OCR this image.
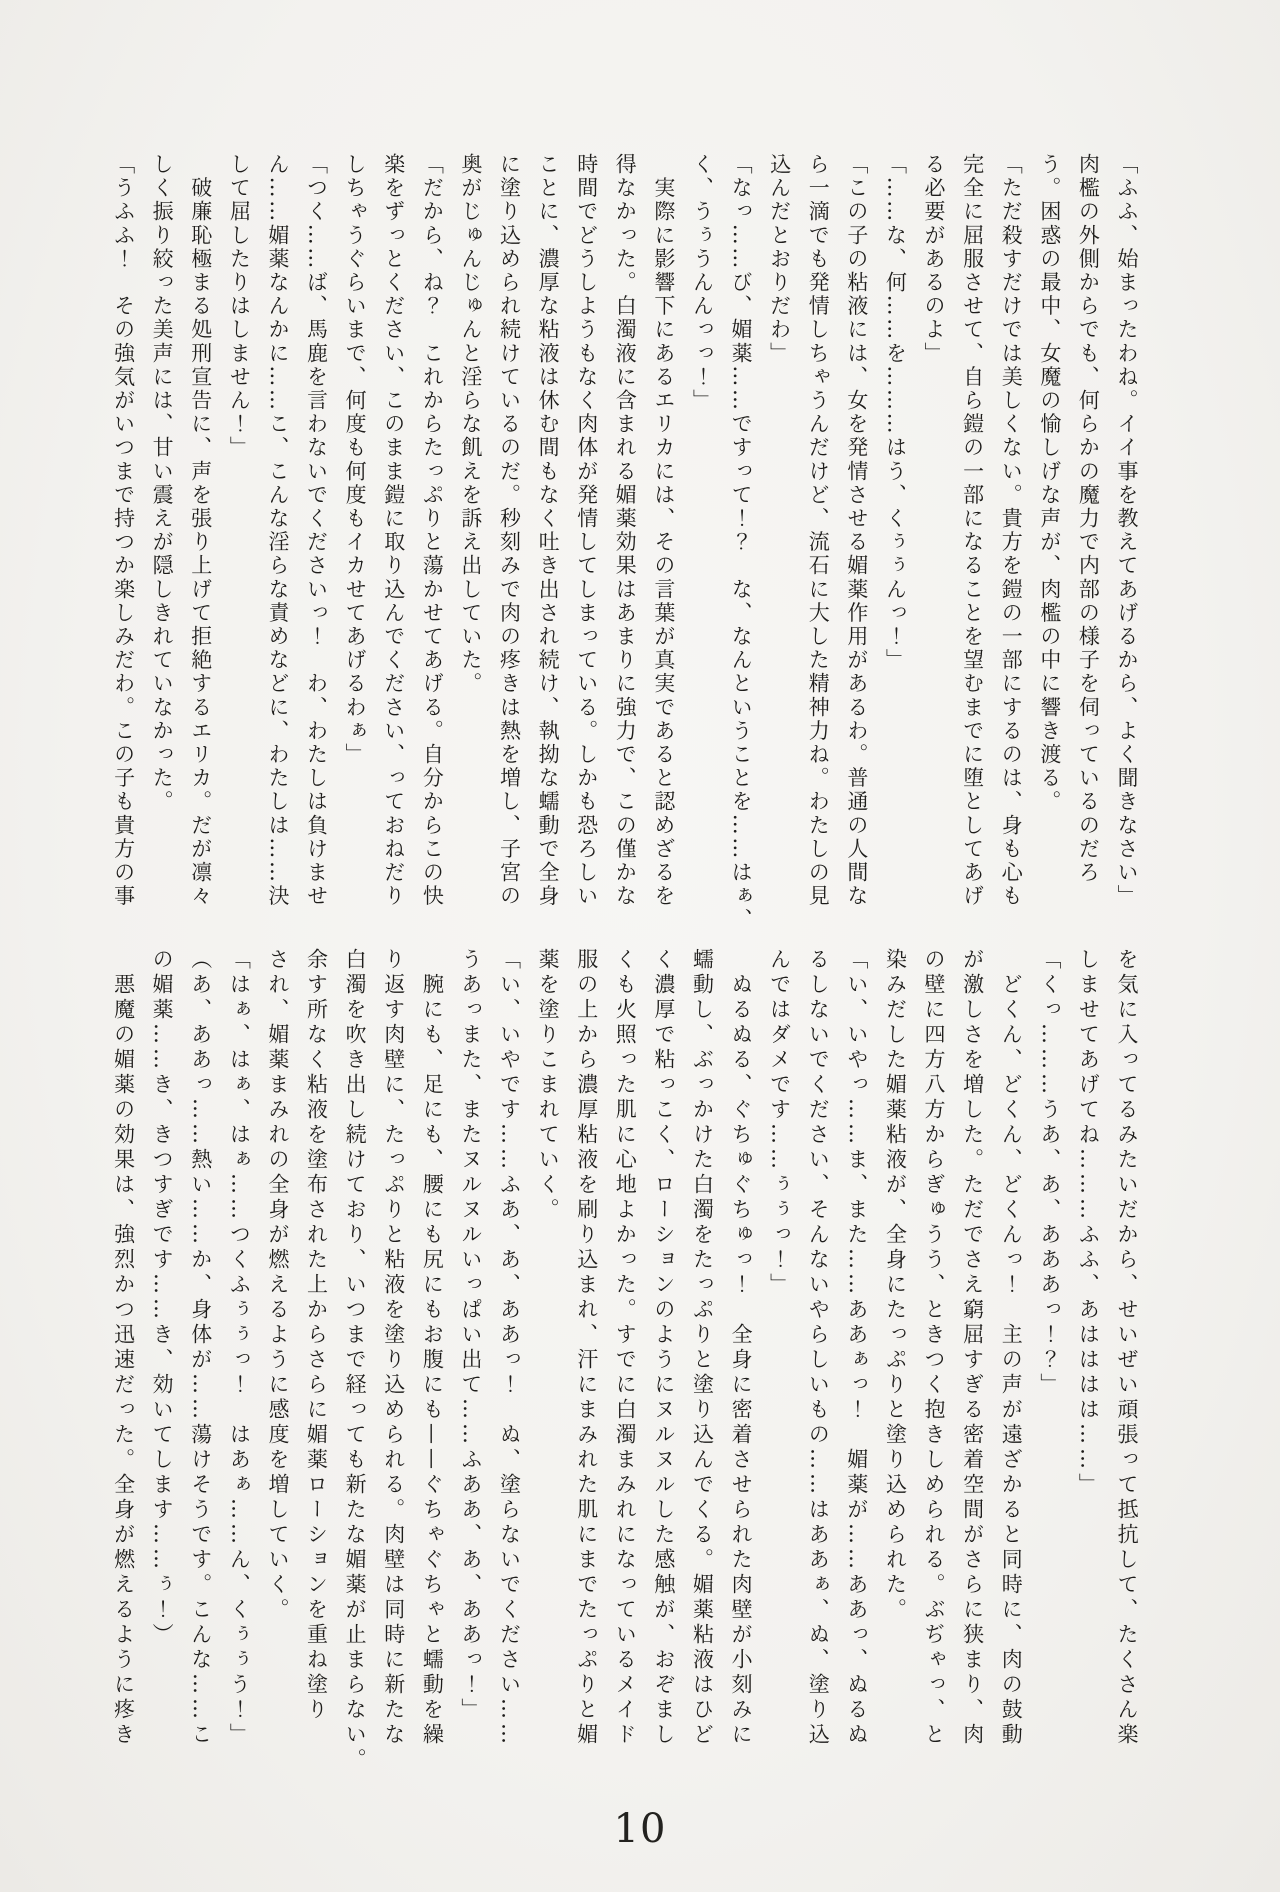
「ふふ、始まったわね。イイ事を教えてあげるから、よく聞きなさい」
肉檻の外側からでも、何らかの魔力で内部の様子を伺っているのだろ
う。困惑の最中、女魔の愉しげな声が、肉檻の中に響き渡る。
「ただ殺すだけでは美しくない。貴方を鎧の一部にするのは、身も心も
完全に屈服させて、自ら鎧の一部になることを望むまでに堕としてあげ
る必要があるのよ」
「……な、何……を………はう、くぅぅんっ！」
「この子の粘液には、女を発情させる媚薬作用があるわ。普通の人間な
ら一滴でも発情しちゃうんだけど、流石に大した精神力ね。わたしの見
込んだとおりだわ」
「なっ……び、媚薬……ですって！？　な、なんということを……はぁ、
く、うぅうんんっっ！」
　実際に影響下にあるエリカには、その言葉が真実であると認めざるを
得なかった。白濁液に含まれる媚薬効果はあまりに強力で、この僅かな
時間でどうしようもなく肉体が発情してしまっている。しかも恐ろしい
ことに、濃厚な粘液は休む間もなく吐き出され続け、執拗な蠕動で全身
に塗り込められ続けているのだ。秒刻みで肉の疼きは熱を増し、子宮の
奥がじゅんじゅんと淫らな飢えを訴え出していた。
「だから、ね？　これからたっぷりと蕩かせてあげる。自分からこの快
楽をずっとください、このまま鎧に取り込んでください、っておねだり
しちゃうぐらいまで、何度も何度もイカせてあげるわぁ」
「つく……ば、馬鹿を言わないでくださいっ！　わ、わたしは負けませ
ん……媚薬なんかに……こ、こんな淫らな責めなどに、わたしは……決
して屈したりはしません！」
　破廉恥極まる処刑宣告に、声を張り上げて拒絶するエリカ。だが凛々
しく振り絞った美声には、甘い震えが隠しきれていなかった。
「うふふ！　その強気がいつまで持つか楽しみだわ。この子も貴方の事
を気に入ってるみたいだから、せいぜい頑張って抵抗して、たくさん楽
しませてあげてね………ふふ、あはははは……」
「くっ………うあ、あ、あああっ！？」
　どくん、どくん、どくんっ！　主の声が遠ざかると同時に、肉の鼓動
が激しさを増した。ただでさえ窮屈すぎる密着空間がさらに狭まり、肉
の壁に四方八方からぎゅうう、ときつく抱きしめられる。ぶぢゃっ、と
染みだした媚薬粘液が、全身にたっぷりと塗り込められた。
「い、いやっ……ま、また……ああぁっ！　媚薬が……ああっ、ぬるぬ
るしないでください、そんないやらしいもの……はああぁ、ぬ、塗り込
んではダメです……ぅぅっ！」
　ぬるぬる、ぐちゅぐちゅっ！　全身に密着させられた肉壁が小刻みに
蠕動し、ぶっかけた白濁をたっぷりと塗り込んでくる。媚薬粘液はひど
く濃厚で粘っこく、ローションのようにヌルヌルした感触が、おぞまし
くも火照った肌に心地よかった。すでに白濁まみれになっているメイド
服の上から濃厚粘液を刷り込まれ、汗にまみれた肌にまでたっぷりと媚
薬を塗りこまれていく。
「い、いやです……ふあ、あ、ああっ！　ぬ、塗らないでください……
うあっまた、またヌルヌルいっぱい出て……ふああ、あ、ああっ！」
　腕にも、足にも、腰にも尻にもお腹にも——ぐちゃぐちゃと蠕動を繰
り返す肉壁に、たっぷりと粘液を塗り込められる。肉壁は同時に新たな
白濁を吹き出し続けており、いつまで経っても新たな媚薬が止まらない。
余す所なく粘液を塗布された上からさらに媚薬ローションを重ね塗り
され、媚薬まみれの全身が燃えるように感度を増していく。
「はぁ、はぁ、はぁ……つくふぅぅっ！　はあぁ……ん、くぅぅう！」
（あ、ああっ……熱い……か、身体が……蕩けそうです。こんな……こ
の媚薬……き、きつすぎです……き、効いてします……ぅ！）
　悪魔の媚薬の効果は、強烈かつ迅速だった。全身が燃えるように疼き
10
